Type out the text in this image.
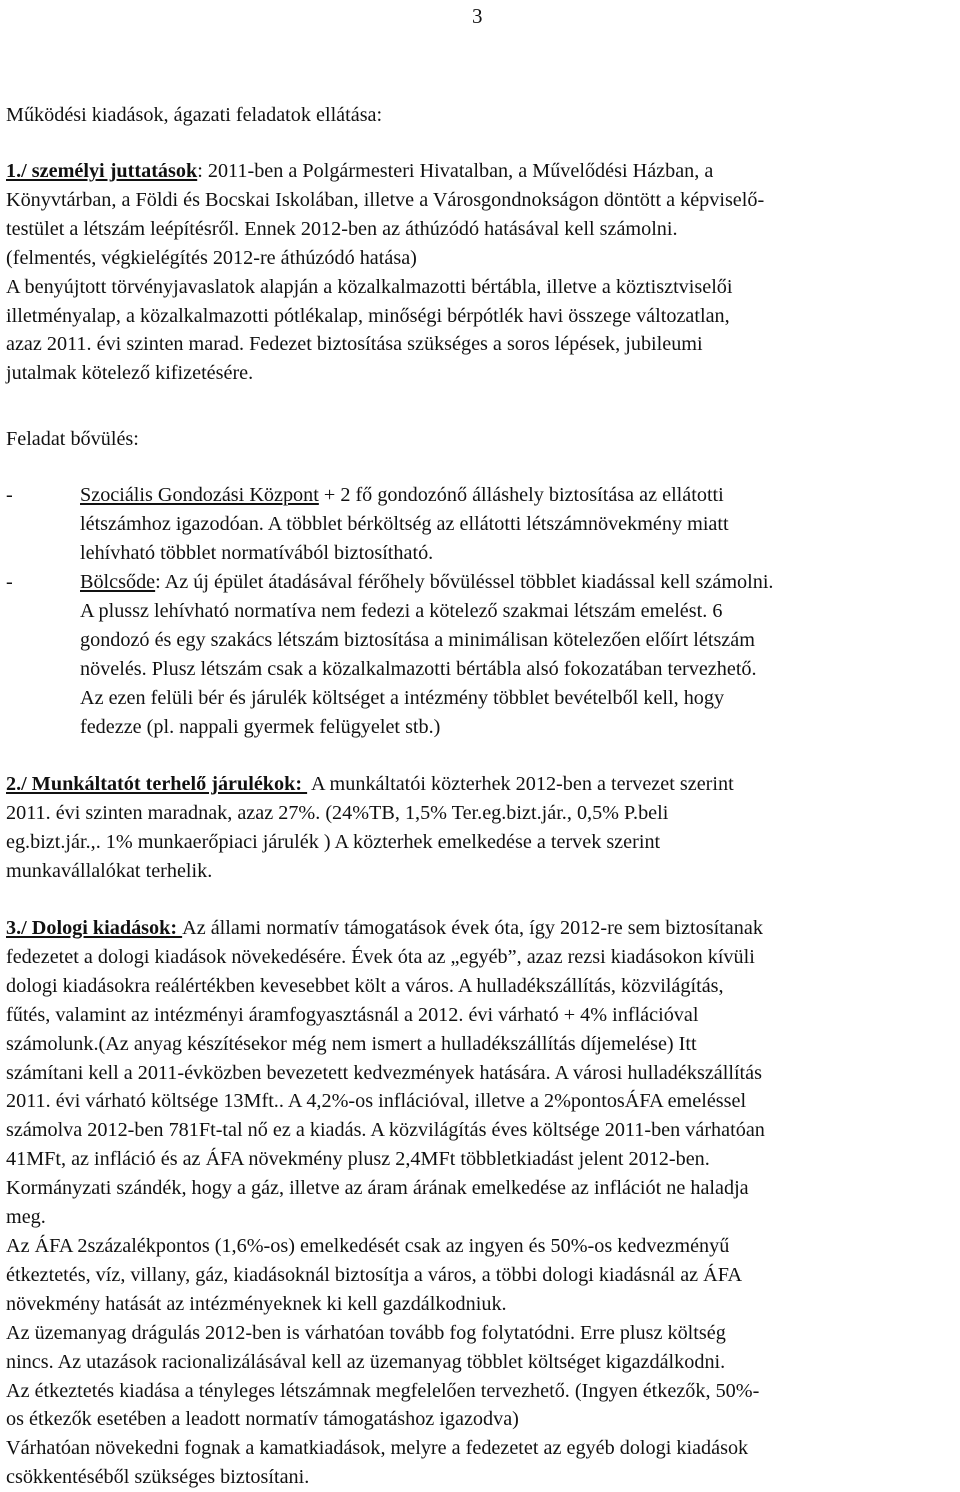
3
Működési kiadások, ágazati feladatok ellátása:
1./ személyi juttatások: 2011-ben a Polgármesteri Hivatalban, a Művelődési Házban, a
Könyvtárban, a Földi és Bocskai Iskolában, illetve a Városgondnokságon döntött a képviselő-
testület a létszám leépítésről. Ennek 2012-ben az áthúzódó hatásával kell számolni.
(felmentés, végkielégítés 2012-re áthúzódó hatása)
A benyújtott törvényjavaslatok alapján a közalkalmazotti bértábla, illetve a köztisztviselői
illetményalap, a közalkalmazotti pótlékalap, minőségi bérpótlék havi összege változatlan,
azaz 2011. évi szinten marad. Fedezet biztosítása szükséges a soros lépések, jubileumi
jutalmak kötelező kifizetésére.
Feladat bővülés:
-	Szociális Gondozási Központ + 2 fő gondozónő álláshely biztosítása az ellátotti
létszámhoz igazodóan. A többlet bérköltség az ellátotti létszámnövekmény miatt
lehívható többlet normatívából biztosítható.
-	Bölcsőde: Az új épület átadásával férőhely bővüléssel többlet kiadással kell számolni.
A plussz lehívható normatíva nem fedezi a kötelező szakmai létszám emelést. 6
gondozó és egy szakács létszám biztosítása a minimálisan kötelezően előírt létszám
növelés. Plusz létszám csak a közalkalmazotti bértábla alsó fokozatában tervezhető.
Az ezen felüli bér és járulék költséget a intézmény többlet bevételből kell, hogy
fedezze (pl. nappali gyermek felügyelet stb.)
2./ Munkáltatót terhelő járulékok:  A munkáltatói közterhek 2012-ben a tervezet szerint
2011. évi szinten maradnak, azaz 27%. (24%TB, 1,5% Ter.eg.bizt.jár., 0,5% P.beli
eg.bizt.jár.,. 1% munkaerőpiaci járulék ) A közterhek emelkedése a tervek szerint
munkavállalókat terhelik.
3./ Dologi kiadások: Az állami normatív támogatások évek óta, így 2012-re sem biztosítanak
fedezetet a dologi kiadások növekedésére. Évek óta az „egyéb”, azaz rezsi kiadásokon kívüli
dologi kiadásokra reálértékben kevesebbet költ a város. A hulladékszállítás, közvilágítás,
fűtés, valamint az intézményi áramfogyasztásnál a 2012. évi várható + 4% inflációval
számolunk.(Az anyag készítésekor még nem ismert a hulladékszállítás díjemelése) Itt
számítani kell a 2011-évközben bevezetett kedvezmények hatására. A városi hulladékszállítás
2011. évi várható költsége 13Mft.. A 4,2%-os inflációval, illetve a 2%pontosÁFA emeléssel
számolva 2012-ben 781Ft-tal nő ez a kiadás. A közvilágítás éves költsége 2011-ben várhatóan
41MFt, az infláció és az ÁFA növekmény plusz 2,4MFt többletkiadást jelent 2012-ben.
Kormányzati szándék, hogy a gáz, illetve az áram árának emelkedése az inflációt ne haladja
meg.
Az ÁFA 2százalékpontos (1,6%-os) emelkedését csak az ingyen és 50%-os kedvezményű
étkeztetés, víz, villany, gáz, kiadásoknál biztosítja a város, a többi dologi kiadásnál az ÁFA
növekmény hatását az intézményeknek ki kell gazdálkodniuk.
Az üzemanyag drágulás 2012-ben is várhatóan tovább fog folytatódni. Erre plusz költség
nincs. Az utazások racionalizálásával kell az üzemanyag többlet költséget kigazdálkodni.
Az étkeztetés kiadása a tényleges létszámnak megfelelően tervezhető. (Ingyen étkezők, 50%-
os étkezők esetében a leadott normatív támogatáshoz igazodva)
Várhatóan növekedni fognak a kamatkiadások, melyre a fedezetet az egyéb dologi kiadások
csökkentéséből szükséges biztosítani.
